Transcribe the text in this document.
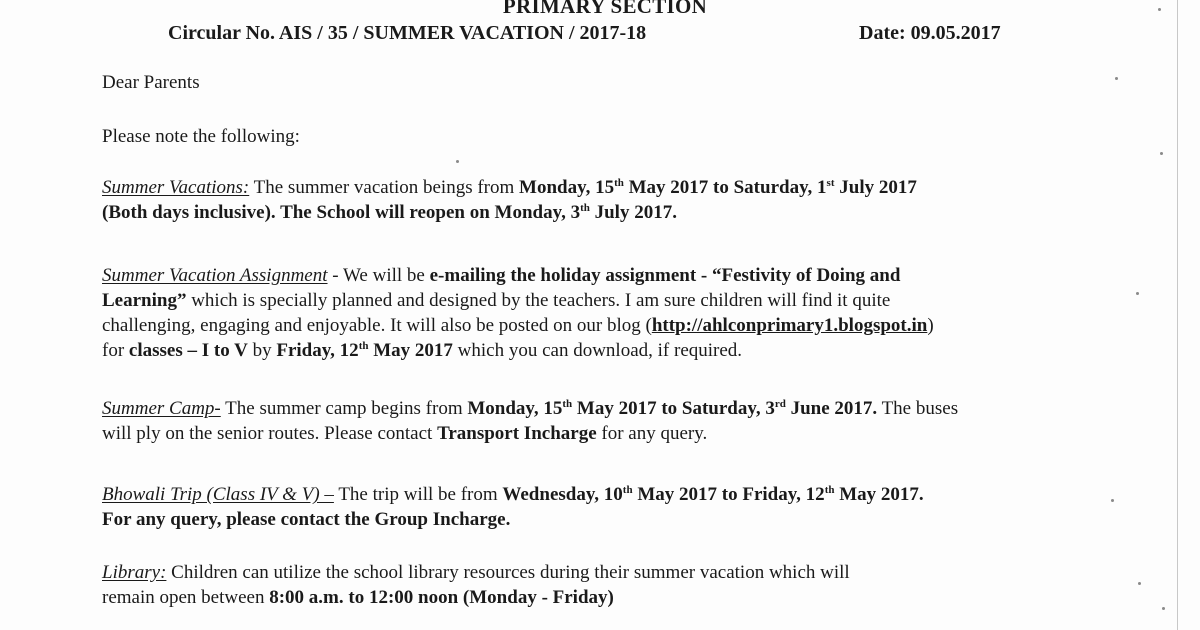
PRIMARY SECTION
Circular No. AIS / 35 / SUMMER VACATION / 2017-18	Date: 09.05.2017
Dear Parents
Please note the following:
Summer Vacations: The summer vacation beings from Monday, 15th May 2017 to Saturday, 1st July 2017
(Both days inclusive). The School will reopen on Monday, 3th July 2017.
Summer Vacation Assignment - We will be e-mailing the holiday assignment - “Festivity of Doing and
Learning” which is specially planned and designed by the teachers. I am sure children will find it quite
challenging, engaging and enjoyable. It will also be posted on our blog (http://ahlconprimary1.blogspot.in)
for classes – I to V by Friday, 12th May 2017 which you can download, if required.
Summer Camp- The summer camp begins from Monday, 15th May 2017 to Saturday, 3rd June 2017. The buses
will ply on the senior routes. Please contact Transport Incharge for any query.
Bhowali Trip (Class IV & V) – The trip will be from Wednesday, 10th May 2017 to Friday, 12th May 2017.
For any query, please contact the Group Incharge.
Library: Children can utilize the school library resources during their summer vacation which will
remain open between 8:00 a.m. to 12:00 noon (Monday - Friday)
